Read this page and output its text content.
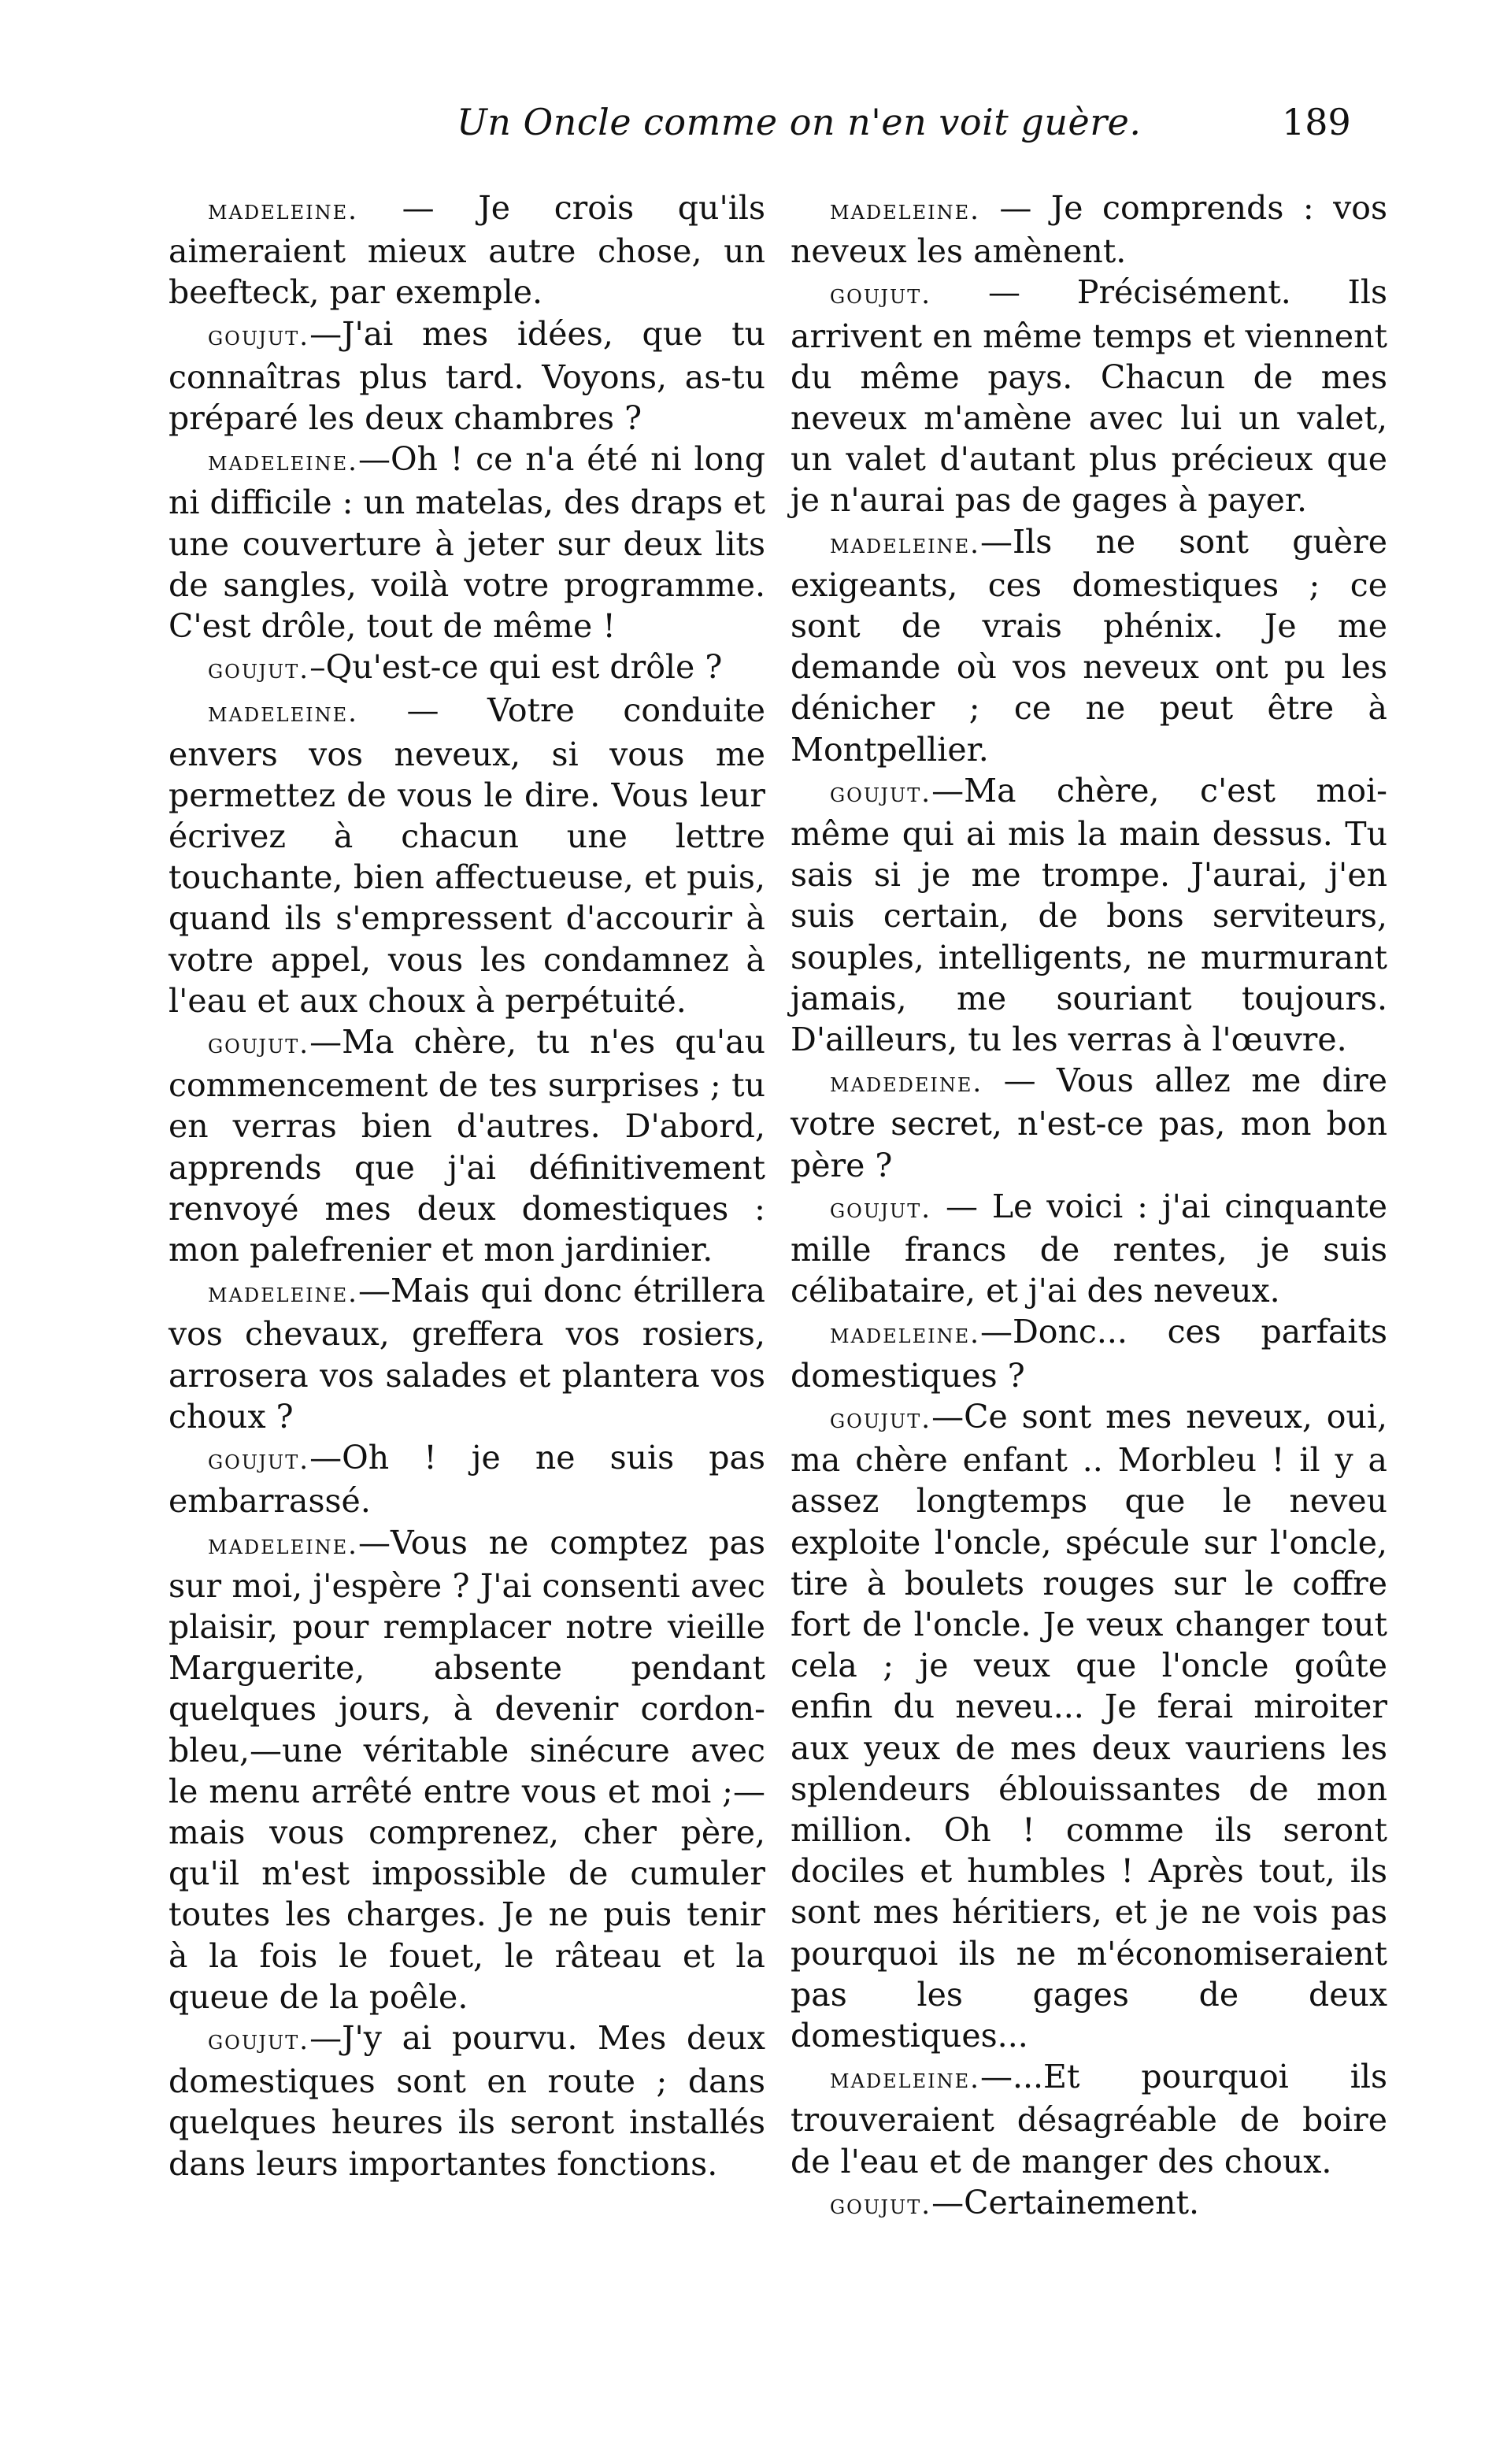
Un Oncle comme on n'en voit guère.	189

madeleine. — Je crois qu'ils aimeraient mieux autre chose, un beefteck, par exemple.

goujut.—J'ai mes idées, que tu connaîtras plus tard. Voyons, as-tu préparé les deux chambres ?

madeleine.—Oh ! ce n'a été ni long ni difficile : un matelas, des draps et une couverture à jeter sur deux lits de sangles, voilà votre programme. C'est drôle, tout de même !

goujut.–Qu'est-ce qui est drôle ?

madeleine. — Votre conduite envers vos neveux, si vous me permettez de vous le dire. Vous leur écrivez à chacun une lettre touchante, bien affectueuse, et puis, quand ils s'empressent d'accourir à votre appel, vous les condamnez à l'eau et aux choux à perpétuité.

goujut.—Ma chère, tu n'es qu'au commencement de tes surprises ; tu en verras bien d'autres. D'abord, apprends que j'ai définitivement renvoyé mes deux domestiques : mon palefrenier et mon jardinier.

madeleine.—Mais qui donc étrillera vos chevaux, greffera vos rosiers, arrosera vos salades et plantera vos choux ?

goujut.—Oh ! je ne suis pas embarrassé.

madeleine.—Vous ne comptez pas sur moi, j'espère ? J'ai consenti avec plaisir, pour remplacer notre vieille Marguerite, absente pendant quelques jours, à devenir cordon-bleu,—une véritable sinécure avec le menu arrêté entre vous et moi ;—mais vous comprenez, cher père, qu'il m'est impossible de cumuler toutes les charges. Je ne puis tenir à la fois le fouet, le râteau et la queue de la poêle.

goujut.—J'y ai pourvu. Mes deux domestiques sont en route ; dans quelques heures ils seront installés dans leurs importantes fonctions.

madeleine. — Je comprends : vos neveux les amènent.

goujut. — Précisément. Ils arrivent en même temps et viennent du même pays. Chacun de mes neveux m'amène avec lui un valet, un valet d'autant plus précieux que je n'aurai pas de gages à payer.

madeleine.—Ils ne sont guère exigeants, ces domestiques ; ce sont de vrais phénix. Je me demande où vos neveux ont pu les dénicher ; ce ne peut être à Montpellier.

goujut.—Ma chère, c'est moi-même qui ai mis la main dessus. Tu sais si je me trompe. J'aurai, j'en suis certain, de bons serviteurs, souples, intelligents, ne murmurant jamais, me souriant toujours. D'ailleurs, tu les verras à l'œuvre.

madedeine. — Vous allez me dire votre secret, n'est-ce pas, mon bon père ?

goujut. — Le voici : j'ai cinquante mille francs de rentes, je suis célibataire, et j'ai des neveux.

madeleine.—Donc... ces parfaits domestiques ?

goujut.—Ce sont mes neveux, oui, ma chère enfant .. Morbleu ! il y a assez longtemps que le neveu exploite l'oncle, spécule sur l'oncle, tire à boulets rouges sur le coffre fort de l'oncle. Je veux changer tout cela ; je veux que l'oncle goûte enfin du neveu... Je ferai miroiter aux yeux de mes deux vauriens les splendeurs éblouissantes de mon million. Oh ! comme ils seront dociles et humbles ! Après tout, ils sont mes héritiers, et je ne vois pas pourquoi ils ne m'économiseraient pas les gages de deux domestiques...

madeleine.—...Et pourquoi ils trouveraient désagréable de boire de l'eau et de manger des choux.

goujut.—Certainement.
